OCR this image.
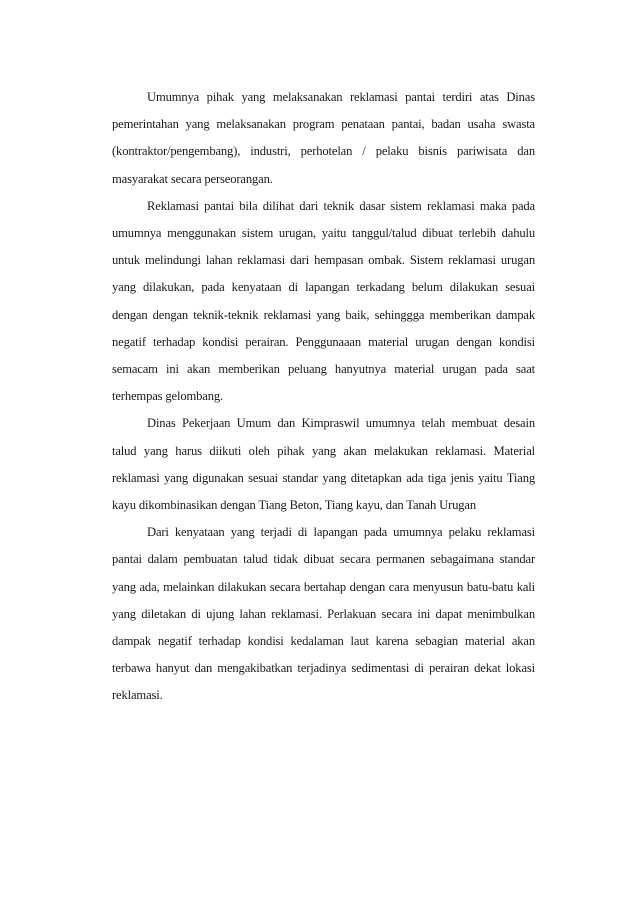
Umumnya pihak yang melaksanakan reklamasi pantai terdiri atas Dinas pemerintahan yang melaksanakan program penataan pantai, badan usaha swasta (kontraktor/pengembang), industri, perhotelan / pelaku bisnis pariwisata dan masyarakat secara perseorangan.

Reklamasi pantai bila dilihat dari teknik dasar sistem reklamasi maka pada umumnya menggunakan sistem urugan, yaitu tanggul/talud dibuat terlebih dahulu untuk melindungi lahan reklamasi dari hempasan ombak. Sistem reklamasi urugan yang dilakukan, pada kenyataan di lapangan terkadang belum dilakukan sesuai dengan dengan teknik-teknik reklamasi yang baik, sehinggga memberikan dampak negatif terhadap kondisi perairan. Penggunaaan material urugan dengan kondisi semacam ini akan memberikan peluang hanyutnya material urugan pada saat terhempas gelombang.

Dinas Pekerjaan Umum dan Kimpraswil umumnya telah membuat desain talud yang harus diikuti oleh pihak yang akan melakukan reklamasi. Material reklamasi yang digunakan sesuai standar yang ditetapkan ada tiga jenis yaitu Tiang kayu dikombinasikan dengan Tiang Beton, Tiang kayu, dan Tanah Urugan

Dari kenyataan yang terjadi di lapangan pada umumnya pelaku reklamasi pantai dalam pembuatan talud tidak dibuat secara permanen sebagaimana standar yang ada, melainkan dilakukan secara bertahap dengan cara menyusun batu-batu kali yang diletakan di ujung lahan reklamasi. Perlakuan secara ini dapat menimbulkan dampak negatif terhadap kondisi kedalaman laut karena sebagian material akan terbawa hanyut dan mengakibatkan terjadinya sedimentasi di perairan dekat lokasi reklamasi.
